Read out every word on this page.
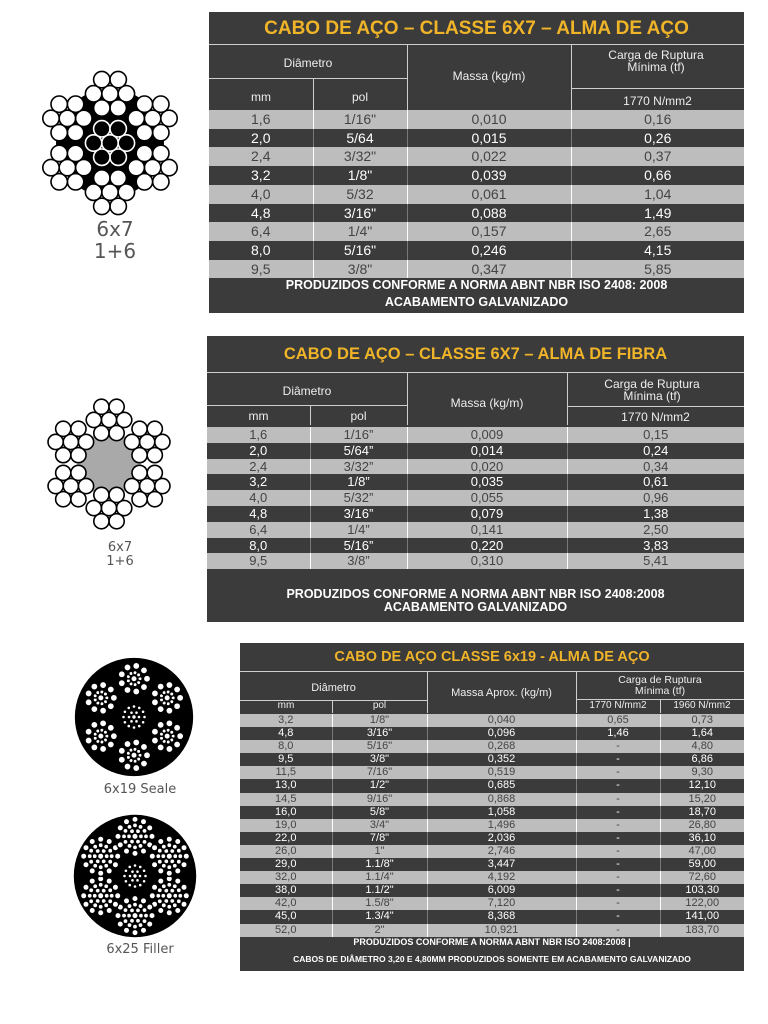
6x7
1+6
6x7
1+6
6x19 Seale
6x25 Filler
CABO DE AÇO – CLASSE 6X7 – ALMA DE AÇO
Diâmetro
mm	pol
Massa (kg/m)
Carga de Ruptura Mínima (tf)
1770 N/mm2
1,6	1/16"	0,010	0,16
2,0	5/64	0,015	0,26
2,4	3/32"	0,022	0,37
3,2	1/8"	0,039	0,66
4,0	5/32	0,061	1,04
4,8	3/16"	0,088	1,49
6,4	1/4"	0,157	2,65
8,0	5/16"	0,246	4,15
9,5	3/8"	0,347	5,85
PRODUZIDOS CONFORME A NORMA ABNT NBR ISO 2408: 2008
ACABAMENTO GALVANIZADO
CABO DE AÇO – CLASSE 6X7 – ALMA DE FIBRA
Diâmetro
mm	pol
Massa (kg/m)
Carga de Ruptura Mínima (tf)
1770 N/mm2
1,6	1/16”	0,009	0,15
2,0	5/64”	0,014	0,24
2,4	3/32”	0,020	0,34
3,2	1/8”	0,035	0,61
4,0	5/32”	0,055	0,96
4,8	3/16”	0,079	1,38
6,4	1/4”	0,141	2,50
8,0	5/16”	0,220	3,83
9,5	3/8”	0,310	5,41
PRODUZIDOS CONFORME A NORMA ABNT NBR ISO 2408:2008
ACABAMENTO GALVANIZADO
CABO DE AÇO CLASSE 6x19 - ALMA DE AÇO
Diâmetro
mm	pol
Massa Aprox. (kg/m)
Carga de Ruptura Mínima (tf)
1770 N/mm2	1960 N/mm2
3,2	1/8"	0,040	0,65	0,73
4,8	3/16"	0,096	1,46	1,64
8,0	5/16"	0,268	-	4,80
9,5	3/8"	0,352	-	6,86
11,5	7/16"	0,519	-	9,30
13,0	1/2"	0,685	-	12,10
14,5	9/16"	0,868	-	15,20
16,0	5/8"	1,058	-	18,70
19,0	3/4"	1,496	-	26,80
22,0	7/8"	2,036	-	36,10
26,0	1"	2,746	-	47,00
29,0	1.1/8"	3,447	-	59,00
32,0	1.1/4"	4,192	-	72,60
38,0	1.1/2"	6,009	-	103,30
42,0	1.5/8"	7,120	-	122,00
45,0	1.3/4"	8,368	-	141,00
52,0	2"	10,921	-	183,70
PRODUZIDOS CONFORME A NORMA ABNT NBR ISO 2408:2008 |
CABOS DE DIÂMETRO 3,20 E 4,80MM PRODUZIDOS SOMENTE EM ACABAMENTO GALVANIZADO
